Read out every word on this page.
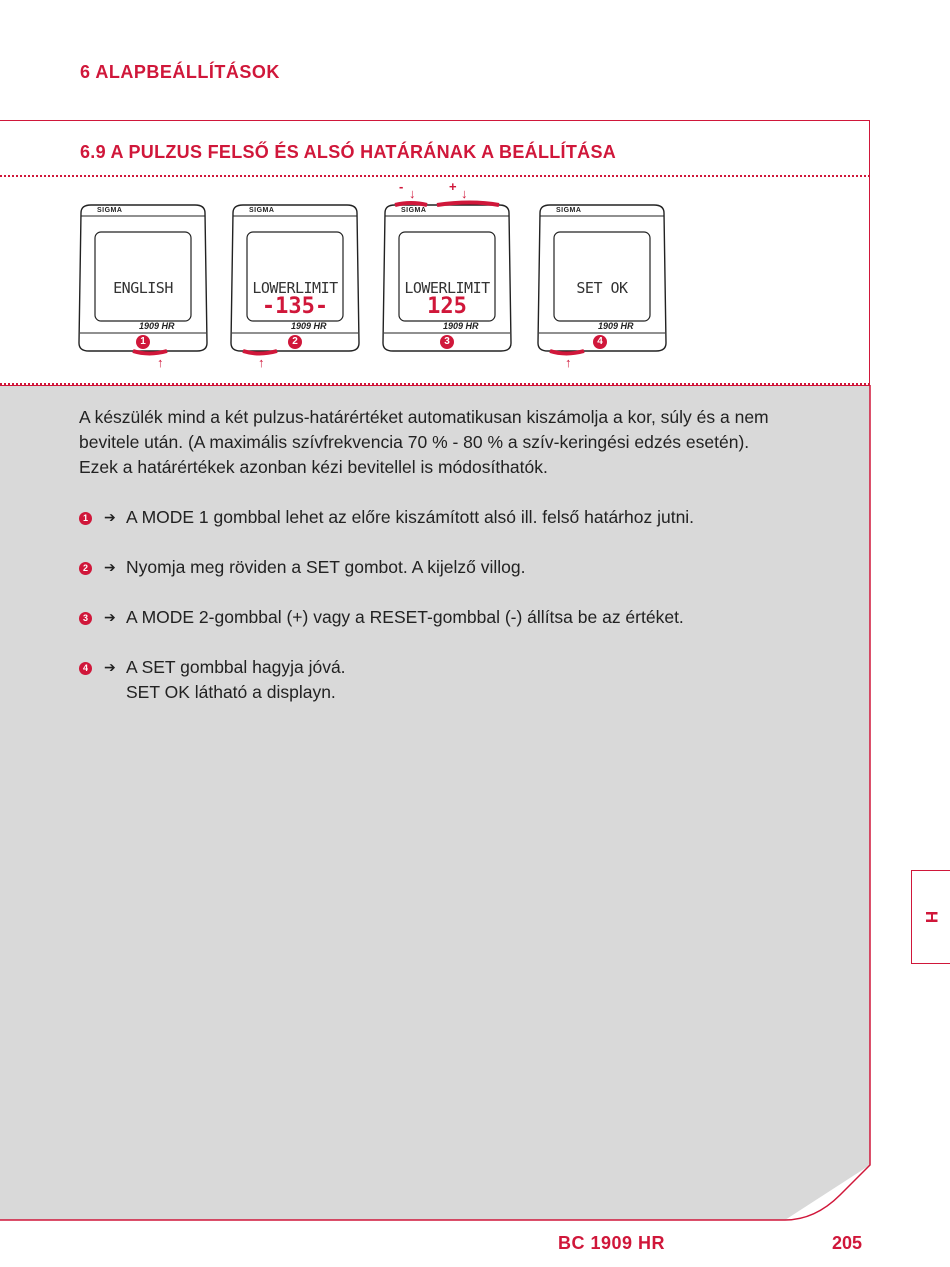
6 ALAPBEÁLLÍTÁSOK
6.9 A PULZUS FELSŐ ÉS ALSÓ HATÁRÁNAK A BEÁLLÍTÁSA
SIGMA
ENGLISH
1909 HR
1
↑
SIGMA
LOWERLIMIT
-135-
1909 HR
2
↑
SIGMA
LOWERLIMIT
125
1909 HR
3
- ↓	+ ↓
SIGMA
SET OK
1909 HR
4
↑
A készülék mind a két pulzus-határértéket automatikusan kiszámolja a kor, súly és a nem
bevitele után. (A maximális szívfrekvencia 70 % - 80 % a szív-keringési edzés esetén).
Ezek a határértékek azonban kézi bevitellel is módosíthatók.
1 ➔ A MODE 1 gombbal lehet az előre kiszámított alsó ill. felső határhoz jutni.
2 ➔ Nyomja meg röviden a SET gombot. A kijelző villog.
3 ➔ A MODE 2-gombbal (+) vagy a RESET-gombbal (-) állítsa be az értéket.
4 ➔ A SET gombbal hagyja jóvá.
SET OK látható a displayn.
H
BC 1909 HR	205
